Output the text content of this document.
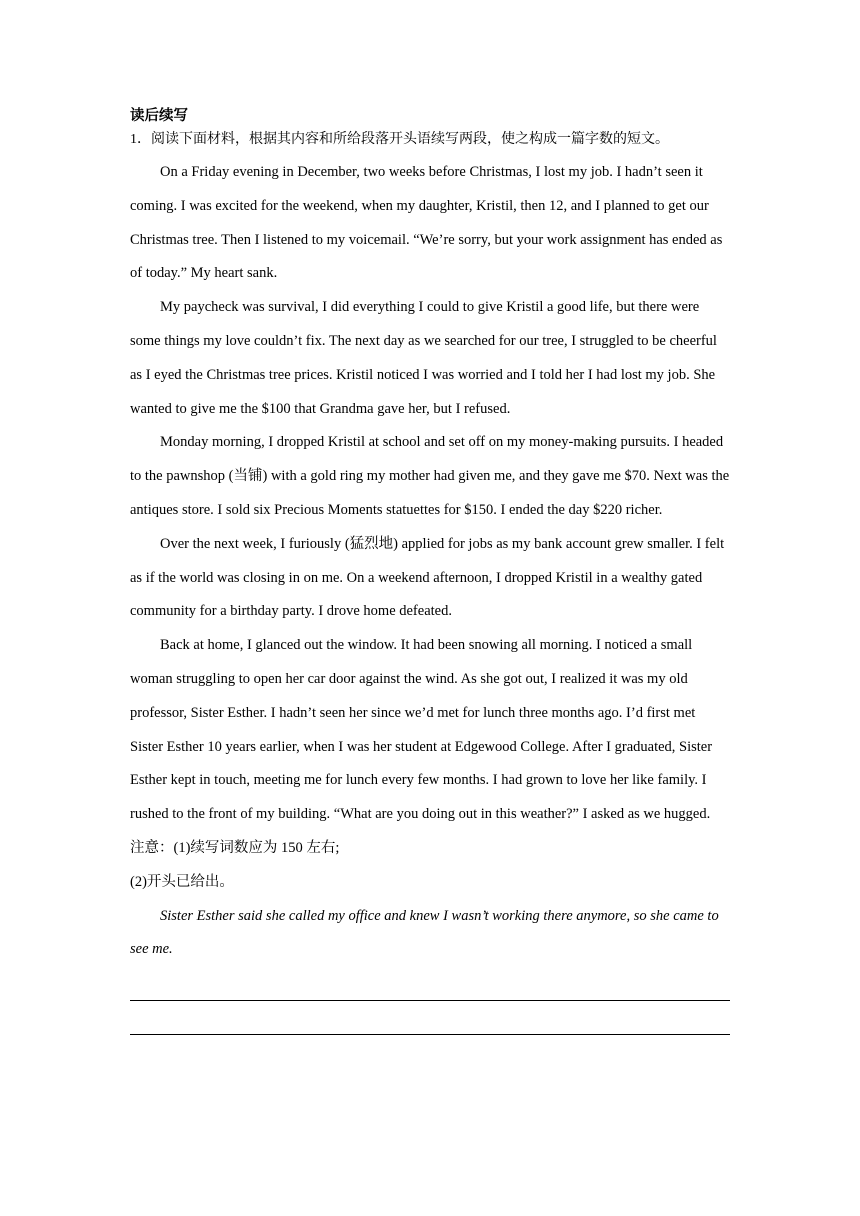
读后续写

1．阅读下面材料，根据其内容和所给段落开头语续写两段，使之构成一篇字数的短文。

On a Friday evening in December, two weeks before Christmas, I lost my job. I hadn’t seen it coming. I was excited for the weekend, when my daughter, Kristil, then 12, and I planned to get our Christmas tree. Then I listened to my voicemail. “We’re sorry, but your work assignment has ended as of today.” My heart sank.

My paycheck was survival, I did everything I could to give Kristil a good life, but there were some things my love couldn’t fix. The next day as we searched for our tree, I struggled to be cheerful as I eyed the Christmas tree prices. Kristil noticed I was worried and I told her I had lost my job. She wanted to give me the $100 that Grandma gave her, but I refused.

Monday morning, I dropped Kristil at school and set off on my money-making pursuits. I headed to the pawnshop (当铺) with a gold ring my mother had given me, and they gave me $70. Next was the antiques store. I sold six Precious Moments statuettes for $150. I ended the day $220 richer.

Over the next week, I furiously (猛烈地) applied for jobs as my bank account grew smaller. I felt as if the world was closing in on me. On a weekend afternoon, I dropped Kristil in a wealthy gated community for a birthday party. I drove home defeated.

Back at home, I glanced out the window. It had been snowing all morning. I noticed a small woman struggling to open her car door against the wind. As she got out, I realized it was my old professor, Sister Esther. I hadn’t seen her since we’d met for lunch three months ago. I’d first met Sister Esther 10 years earlier, when I was her student at Edgewood College. After I graduated, Sister Esther kept in touch, meeting me for lunch every few months. I had grown to love her like family. I rushed to the front of my building. “What are you doing out in this weather?” I asked as we hugged.

注意：(1)续写词数应为 150 左右;

(2)开头已给出。

Sister Esther said she called my office and knew I wasn’t working there anymore, so she came to see me.
